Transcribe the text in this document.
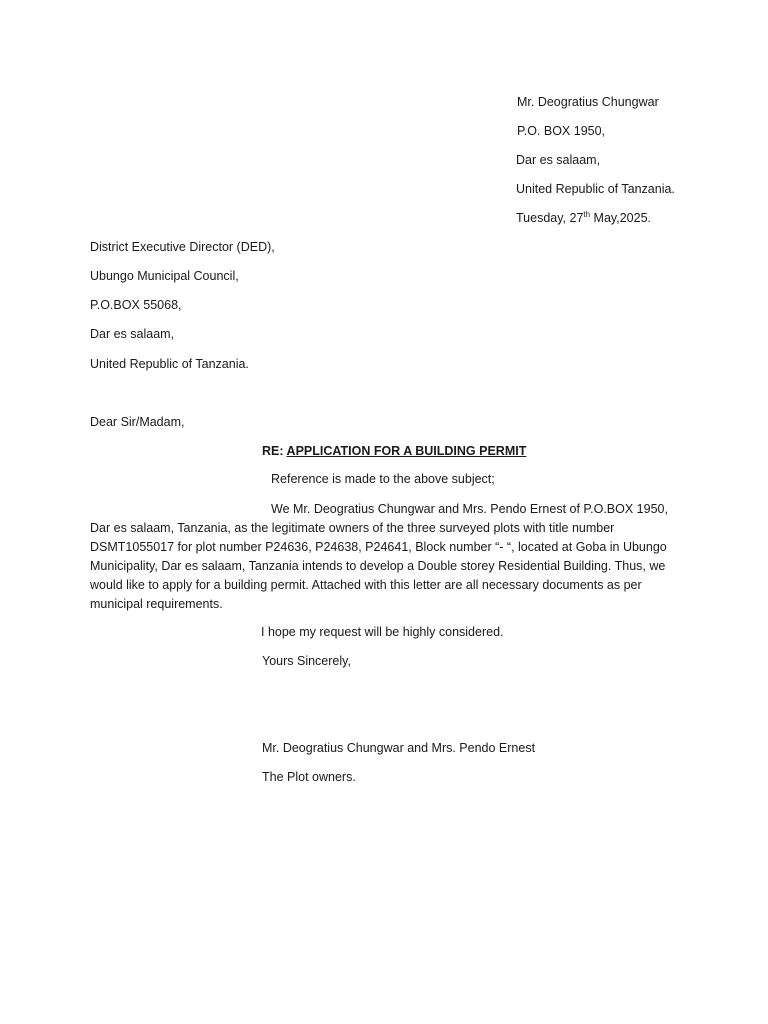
Mr. Deogratius Chungwar
P.O. BOX 1950,
Dar es salaam,
United Republic of Tanzania.
Tuesday, 27th May,2025.
District Executive Director (DED),
Ubungo Municipal Council,
P.O.BOX 55068,
Dar es salaam,
United Republic of Tanzania.
Dear Sir/Madam,
RE: APPLICATION FOR A BUILDING PERMIT
Reference is made to the above subject;
We Mr. Deogratius Chungwar and Mrs. Pendo Ernest of P.O.BOX 1950,
Dar es salaam, Tanzania, as the legitimate owners of the three surveyed plots with title number
DSMT1055017 for plot number P24636, P24638, P24641, Block number “- “, located at Goba in Ubungo
Municipality, Dar es salaam, Tanzania intends to develop a Double storey Residential Building. Thus, we
would like to apply for a building permit. Attached with this letter are all necessary documents as per
municipal requirements.
I hope my request will be highly considered.
Yours Sincerely,
Mr. Deogratius Chungwar and Mrs. Pendo Ernest
The Plot owners.
